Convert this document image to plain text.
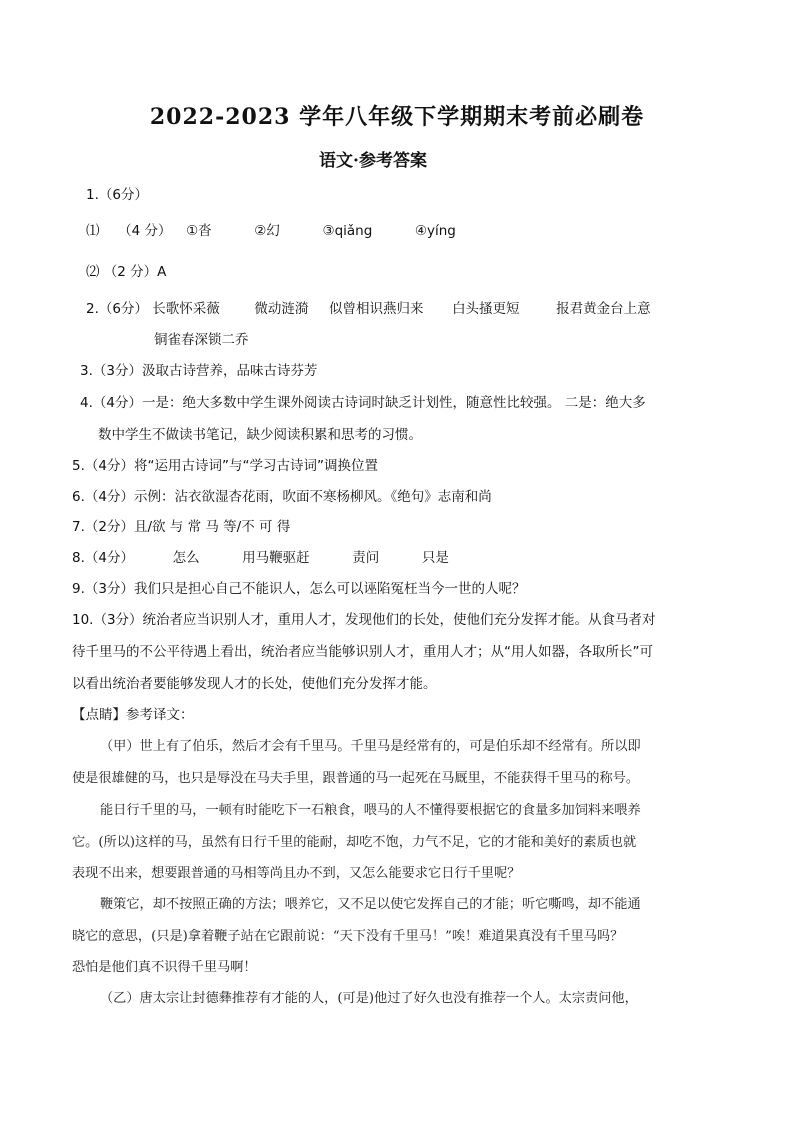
2022-2023 学年八年级下学期期末考前必刷卷
语文·参考答案
1.（6分）
⑴ （4 分） ①沓	②幻	③qiǎng	④yíng
⑵ （2 分）A
2.（6分） 长歌怀采薇	微动涟漪 似曾相识燕归来 白头搔更短	报君黄金台上意
铜雀春深锁二乔
3.（3分）汲取古诗营养，品味古诗芬芳
4.（4分）一是：绝大多数中学生课外阅读古诗词时缺乏计划性，随意性比较强。 二是：绝大多
数中学生不做读书笔记，缺少阅读积累和思考的习惯。
5.（4分）将“运用古诗词”与“学习古诗词”调换位置
6.（4分）示例：沾衣欲湿杏花雨，吹面不寒杨柳风。《绝句》志南和尚
7.（2分）且/欲 与 常 马 等/不 可 得
8.（4分）	怎么	用马鞭驱赶	责问	只是
9.（3分）我们只是担心自己不能识人，怎么可以诬陷冤枉当今一世的人呢？
10.（3分）统治者应当识别人才，重用人才，发现他们的长处，使他们充分发挥才能。从食马者对
待千里马的不公平待遇上看出，统治者应当能够识别人才，重用人才；从“用人如器，各取所长”可
以看出统治者要能够发现人才的长处，使他们充分发挥才能。
【点睛】参考译文：
（甲）世上有了伯乐，然后才会有千里马。千里马是经常有的，可是伯乐却不经常有。所以即
使是很雄健的马，也只是辱没在马夫手里，跟普通的马一起死在马厩里，不能获得千里马的称号。
能日行千里的马，一顿有时能吃下一石粮食，喂马的人不懂得要根据它的食量多加饲料来喂养
它。(所以)这样的马，虽然有日行千里的能耐，却吃不饱，力气不足，它的才能和美好的素质也就
表现不出来，想要跟普通的马相等尚且办不到，又怎么能要求它日行千里呢？
鞭策它，却不按照正确的方法；喂养它，又不足以使它发挥自己的才能；听它嘶鸣，却不能通
晓它的意思，(只是)拿着鞭子站在它跟前说：“天下没有千里马！”唉！难道果真没有千里马吗？
恐怕是他们真不识得千里马啊！
（乙）唐太宗让封德彝推荐有才能的人，(可是)他过了好久也没有推荐一个人。太宗责问他，
